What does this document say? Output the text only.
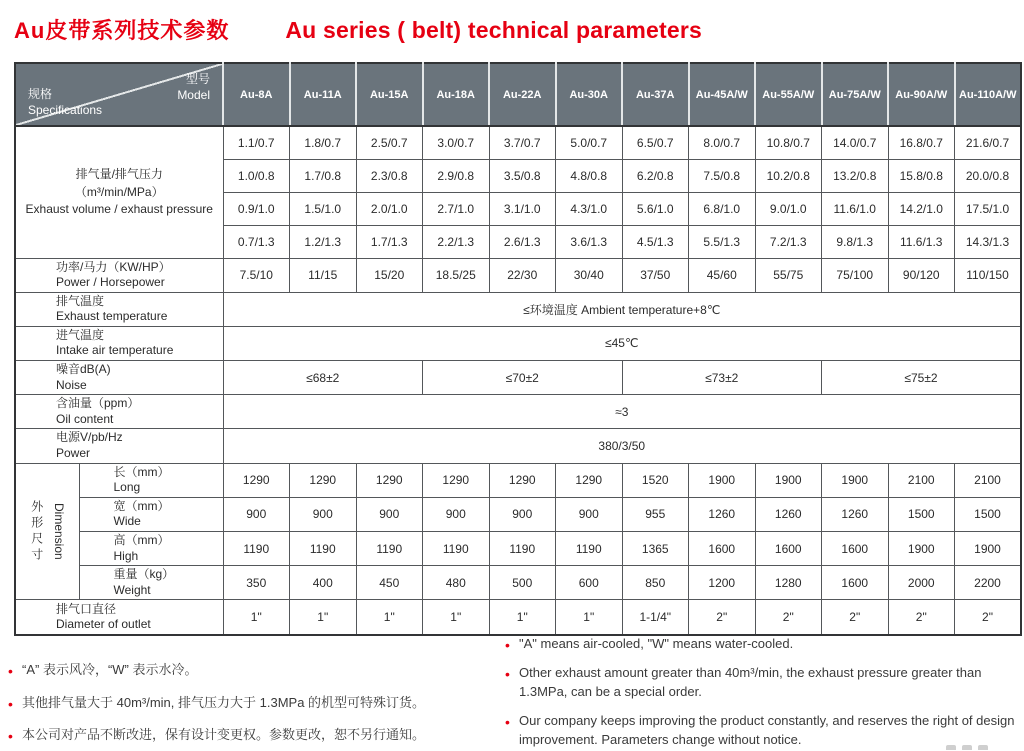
Au皮带系列技术参数 Au series ( belt) technical parameters
型号
Model
规格
Specifications		Au-8A	Au-11A	Au-15A	Au-18A	Au-22A	Au-30A	Au-37A	Au-45A/W	Au-55A/W	Au-75A/W	Au-90A/W	Au-110A/W
排气量/排气压力
（m³/min/MPa）
Exhaust volume / exhaust pressure		1.1/0.7	1.8/0.7	2.5/0.7	3.0/0.7	3.7/0.7	5.0/0.7	6.5/0.7	8.0/0.7	10.8/0.7	14.0/0.7	16.8/0.7	21.6/0.7
		1.0/0.8	1.7/0.8	2.3/0.8	2.9/0.8	3.5/0.8	4.8/0.8	6.2/0.8	7.5/0.8	10.2/0.8	13.2/0.8	15.8/0.8	20.0/0.8
		0.9/1.0	1.5/1.0	2.0/1.0	2.7/1.0	3.1/1.0	4.3/1.0	5.6/1.0	6.8/1.0	9.0/1.0	11.6/1.0	14.2/1.0	17.5/1.0
		0.7/1.3	1.2/1.3	1.7/1.3	2.2/1.3	2.6/1.3	3.6/1.3	4.5/1.3	5.5/1.3	7.2/1.3	9.8/1.3	11.6/1.3	14.3/1.3
功率/马力（KW/HP）
Power / Horsepower		7.5/10	11/15	15/20	18.5/25	22/30	30/40	37/50	45/60	55/75	75/100	90/120	110/150
排气温度
Exhaust temperature		≤环境温度 Ambient temperature+8℃											
进气温度
Intake air temperature		≤45℃											
噪音dB(A)
Noise		≤68±2			≤70±2			≤73±2			≤75±2		
含油量（ppm）
Oil content		≈3											
电源V/pb/Hz
Power		380/3/50											

外形尺寸 Dimension	长（mm）
Long	1290	1290	1290	1290	1290	1290	1520	1900	1900	1900	2100	2100
	宽（mm）
Wide	900	900	900	900	900	900	955	1260	1260	1260	1500	1500
	高（mm）
High	1190	1190	1190	1190	1190	1190	1365	1600	1600	1600	1900	1900
	重量（kg）
Weight	350	400	450	480	500	600	850	1200	1280	1600	2000	2200
排气口直径
Diameter of outlet		1"	1"	1"	1"	1"	1"	1-1/4"	2"	2"	2"	2"	2"
• “A” 表示风冷，“W” 表示水冷。
• 其他排气量大于 40m³/min, 排气压力大于 1.3MPa 的机型可特殊订货。
• 本公司对产品不断改进，保有设计变更权。参数更改，恕不另行通知。
• "A" means air-cooled, "W" means water-cooled.
• Other exhaust amount greater than 40m³/min, the exhaust pressure greater than 1.3MPa, can be a special order.
• Our company keeps improving the product constantly, and reserves the right of design improvement. Parameters change without notice.
